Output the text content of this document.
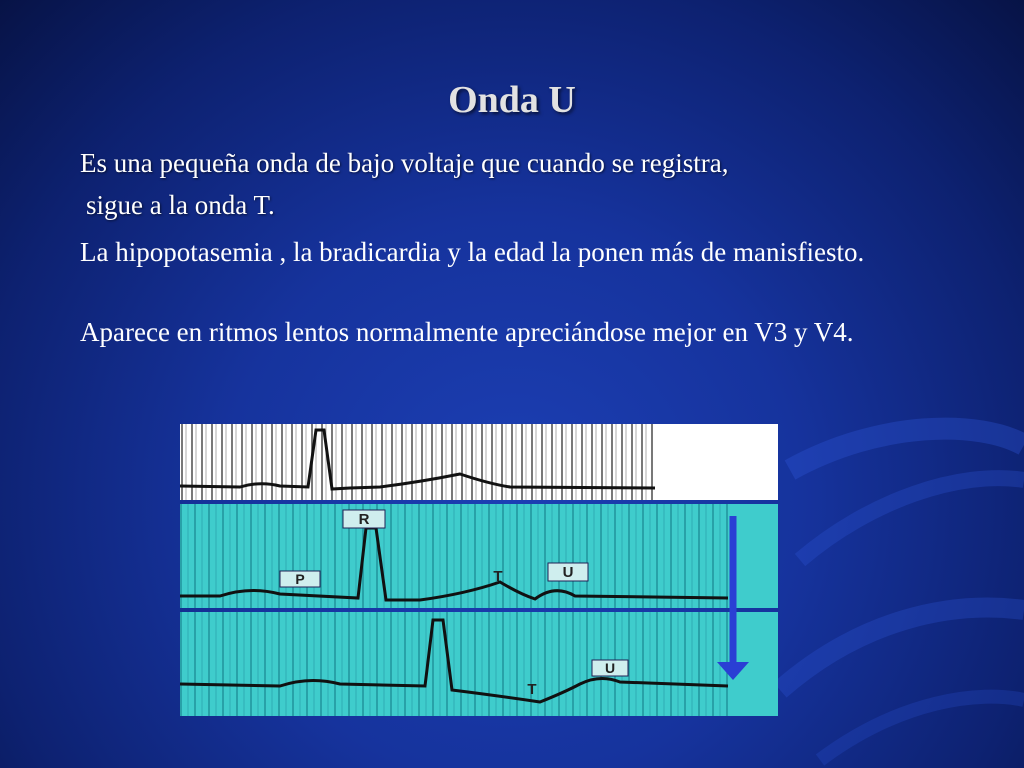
Onda U
Es una pequeña onda de bajo voltaje que cuando se registra,
sigue a la onda T.
La hipopotasemia , la bradicardia y la edad la ponen más de manisfiesto.
Aparece en ritmos lentos normalmente apreciándose mejor en V3 y V4.
R
P	T	U
T
U
